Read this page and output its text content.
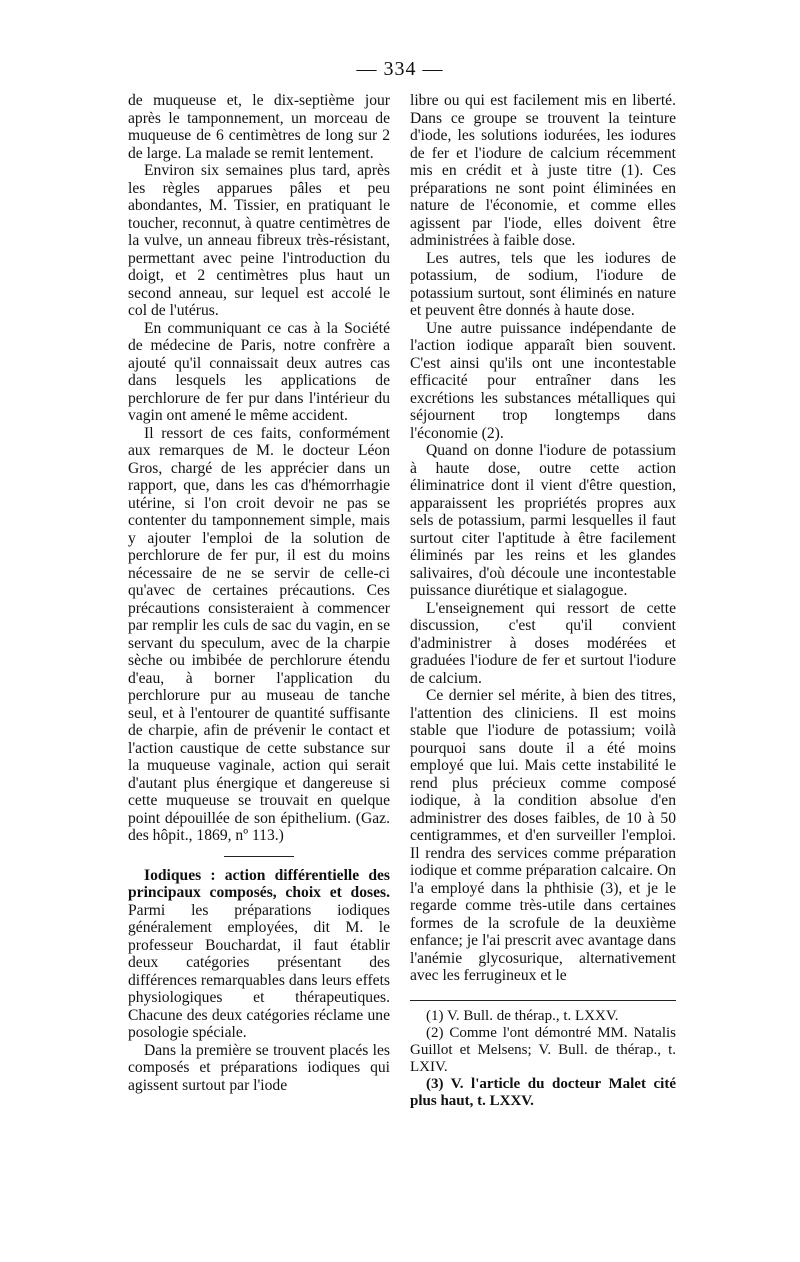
— 334 —

de muqueuse et, le dix-septième jour après le tamponnement, un morceau de muqueuse de 6 centimètres de long sur 2 de large. La malade se remit lentement.

Environ six semaines plus tard, après les règles apparues pâles et peu abondantes, M. Tissier, en pratiquant le toucher, reconnut, à quatre centimètres de la vulve, un anneau fibreux très-résistant, permettant avec peine l'introduction du doigt, et 2 centimètres plus haut un second anneau, sur lequel est accolé le col de l'utérus.

En communiquant ce cas à la Société de médecine de Paris, notre confrère a ajouté qu'il connaissait deux autres cas dans lesquels les applications de perchlorure de fer pur dans l'intérieur du vagin ont amené le même accident.

Il ressort de ces faits, conformément aux remarques de M. le docteur Léon Gros, chargé de les apprécier dans un rapport, que, dans les cas d'hémorrhagie utérine, si l'on croit devoir ne pas se contenter du tamponnement simple, mais y ajouter l'emploi de la solution de perchlorure de fer pur, il est du moins nécessaire de ne se servir de celle-ci qu'avec de certaines précautions. Ces précautions consisteraient à commencer par remplir les culs de sac du vagin, en se servant du speculum, avec de la charpie sèche ou imbibée de perchlorure étendu d'eau, à borner l'application du perchlorure pur au museau de tanche seul, et à l'entourer de quantité suffisante de charpie, afin de prévenir le contact et l'action caustique de cette substance sur la muqueuse vaginale, action qui serait d'autant plus énergique et dangereuse si cette muqueuse se trouvait en quelque point dépouillée de son épithelium. (Gaz. des hôpit., 1869, nº 113.)

Iodiques : action différentielle des principaux composés, choix et doses. Parmi les préparations iodiques généralement employées, dit M. le professeur Bouchardat, il faut établir deux catégories présentant des différences remarquables dans leurs effets physiologiques et thérapeutiques. Chacune des deux catégories réclame une posologie spéciale.

Dans la première se trouvent placés les composés et préparations iodiques qui agissent surtout par l'iode

libre ou qui est facilement mis en liberté. Dans ce groupe se trouvent la teinture d'iode, les solutions iodurées, les iodures de fer et l'iodure de calcium récemment mis en crédit et à juste titre (1). Ces préparations ne sont point éliminées en nature de l'économie, et comme elles agissent par l'iode, elles doivent être administrées à faible dose.

Les autres, tels que les iodures de potassium, de sodium, l'iodure de potassium surtout, sont éliminés en nature et peuvent être donnés à haute dose.

Une autre puissance indépendante de l'action iodique apparaît bien souvent. C'est ainsi qu'ils ont une incontestable efficacité pour entraîner dans les excrétions les substances métalliques qui séjournent trop longtemps dans l'économie (2).

Quand on donne l'iodure de potassium à haute dose, outre cette action éliminatrice dont il vient d'être question, apparaissent les propriétés propres aux sels de potassium, parmi lesquelles il faut surtout citer l'aptitude à être facilement éliminés par les reins et les glandes salivaires, d'où découle une incontestable puissance diurétique et sialagogue.

L'enseignement qui ressort de cette discussion, c'est qu'il convient d'administrer à doses modérées et graduées l'iodure de fer et surtout l'iodure de calcium.

Ce dernier sel mérite, à bien des titres, l'attention des cliniciens. Il est moins stable que l'iodure de potassium; voilà pourquoi sans doute il a été moins employé que lui. Mais cette instabilité le rend plus précieux comme composé iodique, à la condition absolue d'en administrer des doses faibles, de 10 à 50 centigrammes, et d'en surveiller l'emploi. Il rendra des services comme préparation iodique et comme préparation calcaire. On l'a employé dans la phthisie (3), et je le regarde comme très-utile dans certaines formes de la scrofule de la deuxième enfance; je l'ai prescrit avec avantage dans l'anémie glycosurique, alternativement avec les ferrugineux et le

(1) V. Bull. de thérap., t. LXXV.

(2) Comme l'ont démontré MM. Natalis Guillot et Melsens; V. Bull. de thérap., t. LXIV.

(3) V. l'article du docteur Malet cité plus haut, t. LXXV.
